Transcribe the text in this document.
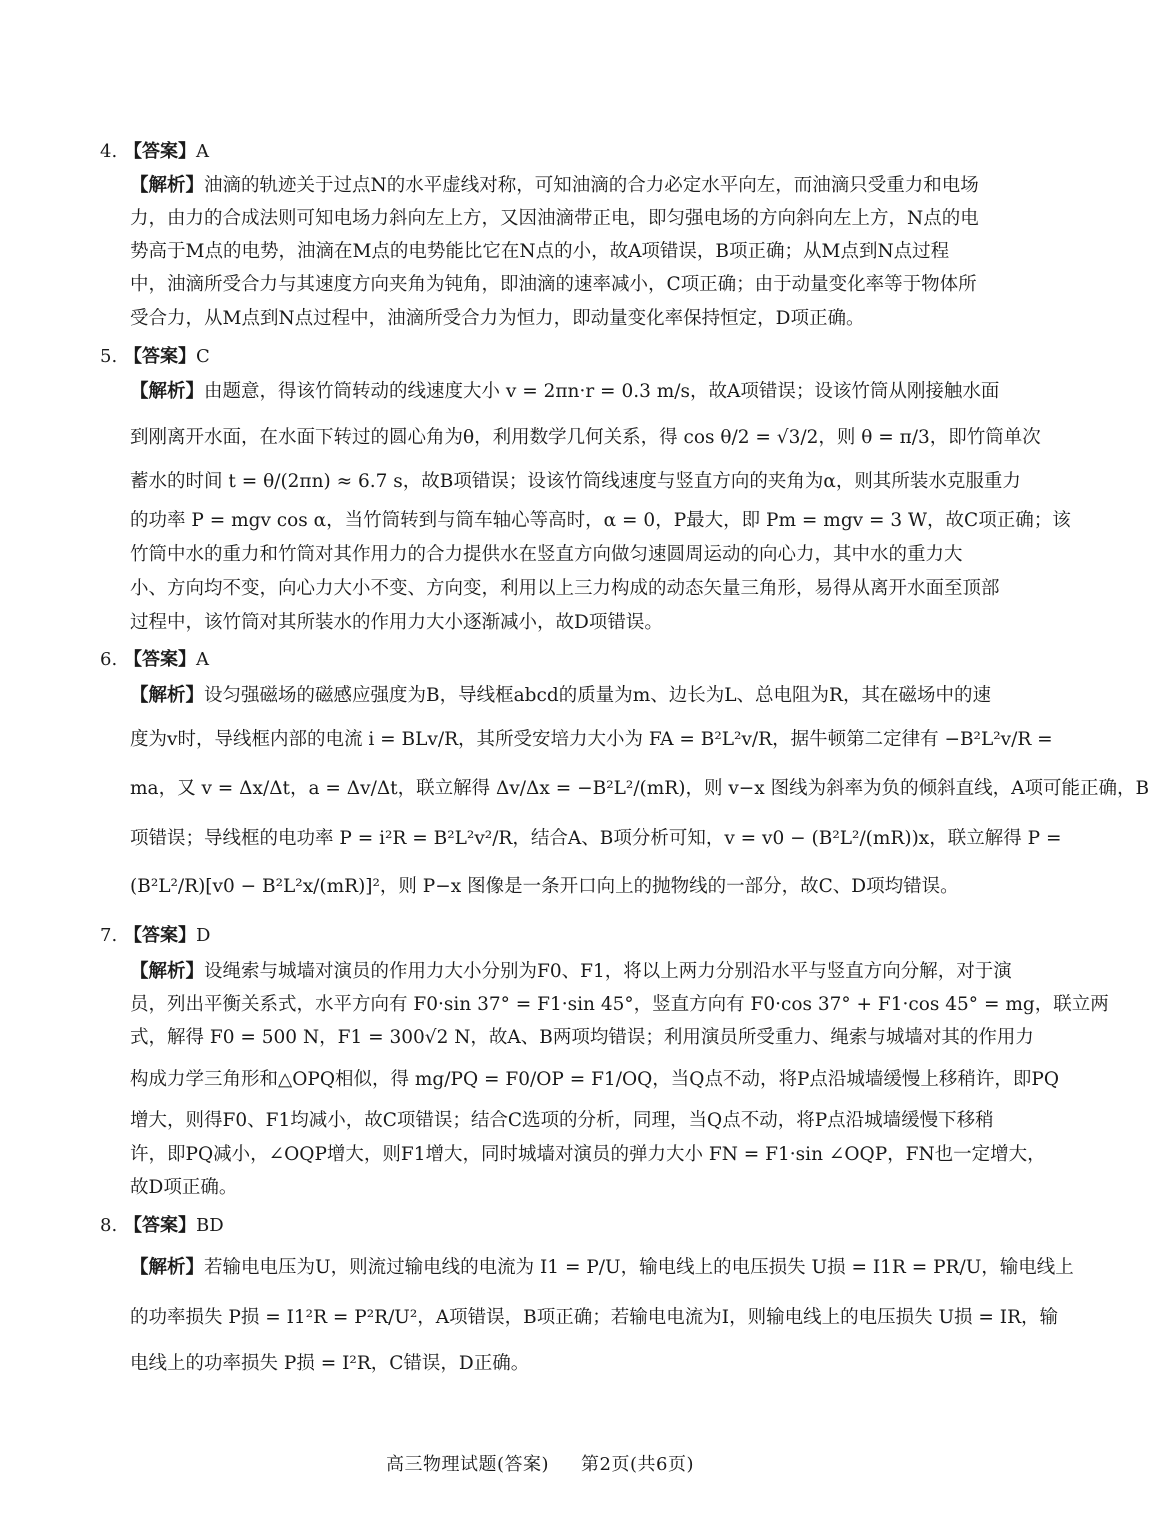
4. 【答案】A
【解析】油滴的轨迹关于过点N的水平虚线对称，可知油滴的合力必定水平向左，而油滴只受重力和电场
力，由力的合成法则可知电场力斜向左上方，又因油滴带正电，即匀强电场的方向斜向左上方，N点的电
势高于M点的电势，油滴在M点的电势能比它在N点的小，故A项错误，B项正确；从M点到N点过程
中，油滴所受合力与其速度方向夹角为钝角，即油滴的速率减小，C项正确；由于动量变化率等于物体所
受合力，从M点到N点过程中，油滴所受合力为恒力，即动量变化率保持恒定，D项正确。
5. 【答案】C
【解析】由题意，得该竹筒转动的线速度大小 v = 2πn·r = 0.3 m/s，故A项错误；设该竹筒从刚接触水面
到刚离开水面，在水面下转过的圆心角为θ，利用数学几何关系，得 cos θ/2 = √3/2，则 θ = π/3，即竹筒单次
蓄水的时间 t = θ/(2πn) ≈ 6.7 s，故B项错误；设该竹筒线速度与竖直方向的夹角为α，则其所装水克服重力
的功率 P = mgv cos α，当竹筒转到与筒车轴心等高时，α = 0，P最大，即 Pm = mgv = 3 W，故C项正确；该
竹筒中水的重力和竹筒对其作用力的合力提供水在竖直方向做匀速圆周运动的向心力，其中水的重力大
小、方向均不变，向心力大小不变、方向变，利用以上三力构成的动态矢量三角形，易得从离开水面至顶部
过程中，该竹筒对其所装水的作用力大小逐渐减小，故D项错误。
6. 【答案】A
【解析】设匀强磁场的磁感应强度为B，导线框abcd的质量为m、边长为L、总电阻为R，其在磁场中的速
度为v时，导线框内部的电流 i = BLv/R，其所受安培力大小为 FA = B²L²v/R，据牛顿第二定律有 −B²L²v/R =
ma，又 v = Δx/Δt，a = Δv/Δt，联立解得 Δv/Δx = −B²L²/(mR)，则 v−x 图线为斜率为负的倾斜直线，A项可能正确，B
项错误；导线框的电功率 P = i²R = B²L²v²/R，结合A、B项分析可知，v = v0 − (B²L²/(mR))x，联立解得 P =
(B²L²/R)[v0 − B²L²x/(mR)]²，则 P−x 图像是一条开口向上的抛物线的一部分，故C、D项均错误。
7. 【答案】D
【解析】设绳索与城墙对演员的作用力大小分别为F0、F1，将以上两力分别沿水平与竖直方向分解，对于演
员，列出平衡关系式，水平方向有 F0·sin 37° = F1·sin 45°，竖直方向有 F0·cos 37° + F1·cos 45° = mg，联立两
式，解得 F0 = 500 N，F1 = 300√2 N，故A、B两项均错误；利用演员所受重力、绳索与城墙对其的作用力
构成力学三角形和△OPQ相似，得 mg/PQ = F0/OP = F1/OQ，当Q点不动，将P点沿城墙缓慢上移稍许，即PQ
增大，则得F0、F1均减小，故C项错误；结合C选项的分析，同理，当Q点不动，将P点沿城墙缓慢下移稍
许，即PQ减小，∠OQP增大，则F1增大，同时城墙对演员的弹力大小 FN = F1·sin ∠OQP，FN也一定增大，
故D项正确。
8. 【答案】BD
【解析】若输电电压为U，则流过输电线的电流为 I1 = P/U，输电线上的电压损失 U损 = I1R = PR/U，输电线上
的功率损失 P损 = I1²R = P²R/U²，A项错误，B项正确；若输电电流为I，则输电线上的电压损失 U损 = IR，输
电线上的功率损失 P损 = I²R，C错误，D正确。
高三物理试题(答案) 第2页(共6页)
